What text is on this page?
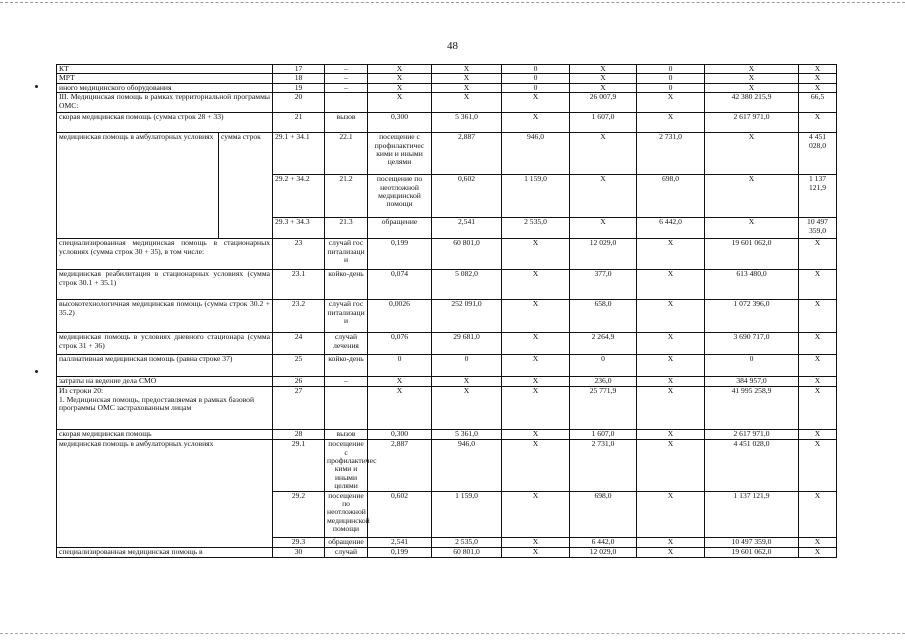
48
КТ		17	–	Х	Х	0	Х	0	Х	Х	
МРТ		18	–	Х	Х	0	Х	0	Х	Х	
иного медицинского оборудования		19	–	Х	Х	0	Х	0	Х	Х	
III. Медицинская помощь в рамках территориальной программы ОМС:		20		Х	Х	Х	26 007,9	Х	42 380 215,9	66,5	
скорая медицинская помощь (сумма строк 28 + 33)		21	вызов	0,300	5 361,0	Х	1 607,0	Х	2 617 971,0	Х	
медицинская помощь в амбулаторных условиях	сумма строк	29.1 + 34.1	22.1	посещение с профилактичес кими и иными целями	2,887	946,0	Х	2 731,0	Х	4 451 028,0	
		29.2 + 34.2	21.2	посещение по неотложной медицинской помощи	0,602	1 159,0	Х	698,0	Х	1 137 121,9	
		29.3 + 34.3	21.3	обращение	2,541	2 535,0	Х	6 442,0	Х	10 497 359,0	
специализированная медицинская помощь в стационарных условиях (сумма строк 30 + 35), в том числе:		23	случай госпитализации	0,199	60 801,0	Х	12 029,0	Х	19 601 062,0	Х	
медицинская реабилитация в стационарных условиях (сумма строк 30.1 + 35.1)		23.1	койко-день	0,074	5 082,0	Х	377,0	Х	613 480,0	Х	
высокотехнологичная медицинская помощь (сумма строк 30.2 + 35.2)		23.2	случай госпитализации	0,0026	252 091,0	Х	658,0	Х	1 072 396,0	Х	
медицинская помощь в условиях дневного стационара (сумма строк 31 + 36)		24	случай лечения	0,076	29 681,0	Х	2 264,9	Х	3 690 717,0	Х	
паллиативная медицинская помощь (равна строке 37)		25	койко-день	0	0	Х	0	Х	0	Х	
затраты на ведение дела СМО		26	–	Х	Х	Х	236,0	Х	384 957,0	Х	

Из строки 20:
1. Медицинская помощь, предоставляемая в рамках базовой программы ОМС застрахованным лицам		27		Х	Х	Х	25 771,9	Х	41 995 258,9	Х	
скорая медицинская помощь		28	вызов	0,300	5 361,0	Х	1 607,0	Х	2 617 971,0	Х	
медицинская помощь в амбулаторных условиях		29.1	посещение с профилактичес кими и иными целями	2,887	946,0	Х	2 731,0	Х	4 451 028,0	Х	
		29.2	посещение по неотложной медицинской помощи	0,602	1 159,0	Х	698,0	Х	1 137 121,9	Х	
		29.3	обращение	2,541	2 535,0	Х	6 442,0	Х	10 497 359,0	Х	
специализированная медицинская помощь в		30	случай	0,199	60 801,0	Х	12 029,0	Х	19 601 062,0	Х	
